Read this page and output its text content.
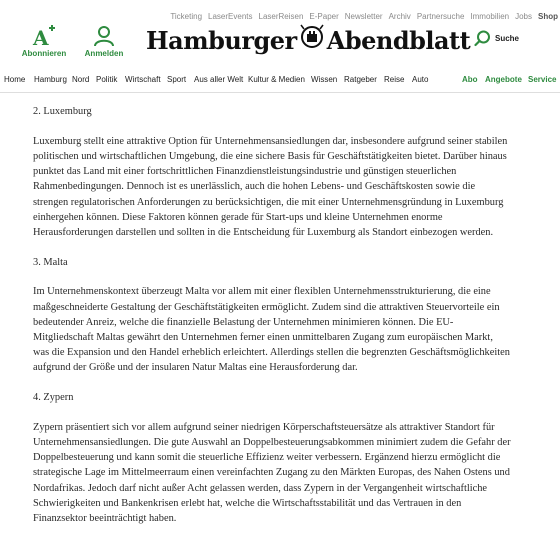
Ticketing LaserEvents LaserReisen E-Paper Newsletter Archiv Partnersuche Immobilien Jobs Shop
A
Abonnieren	Anmelden Hamburger Abendblatt	Suche
Home Hamburg Nord Politik Wirtschaft Sport Aus aller Welt Kultur & Medien Wissen Ratgeber Reise Auto	Abo Angebote Service
2. Luxemburg

Luxemburg stellt eine attraktive Option für Unternehmensansiedlungen dar, insbesondere aufgrund seiner stabilen politischen und wirtschaftlichen Umgebung, die eine sichere Basis für Geschäftstätigkeiten bietet. Darüber hinaus punktet das Land mit einer fortschrittlichen Finanzdienstleistungsindustrie und günstigen steuerlichen Rahmenbedingungen. Dennoch ist es unerlässlich, auch die hohen Lebens- und Geschäftskosten sowie die strengen regulatorischen Anforderungen zu berücksichtigen, die mit einer Unternehmensgründung in Luxemburg einhergehen können. Diese Faktoren können gerade für Start-ups und kleine Unternehmen enorme Herausforderungen darstellen und sollten in die Entscheidung für Luxemburg als Standort einbezogen werden.

3. Malta

Im Unternehmenskontext überzeugt Malta vor allem mit einer flexiblen Unternehmensstrukturierung, die eine maßgeschneiderte Gestaltung der Geschäftstätigkeiten ermöglicht. Zudem sind die attraktiven Steuervorteile ein bedeutender Anreiz, welche die finanzielle Belastung der Unternehmen minimieren können. Die EU-Mitgliedschaft Maltas gewährt den Unternehmen ferner einen unmittelbaren Zugang zum europäischen Markt, was die Expansion und den Handel erheblich erleichtert. Allerdings stellen die begrenzten Geschäftsmöglichkeiten aufgrund der Größe und der insularen Natur Maltas eine Herausforderung dar.

4. Zypern

Zypern präsentiert sich vor allem aufgrund seiner niedrigen Körperschaftsteuersätze als attraktiver Standort für Unternehmensansiedlungen. Die gute Auswahl an Doppelbesteuerungsabkommen minimiert zudem die Gefahr der Doppelbesteuerung und kann somit die steuerliche Effizienz weiter verbessern. Ergänzend hierzu ermöglicht die strategische Lage im Mittelmeerraum einen vereinfachten Zugang zu den Märkten Europas, des Nahen Ostens und Nordafrikas. Jedoch darf nicht außer Acht gelassen werden, dass Zypern in der Vergangenheit wirtschaftliche Schwierigkeiten und Bankenkrisen erlebt hat, welche die Wirtschaftsstabilität und das Vertrauen in den Finanzsektor beeinträchtigt haben.
